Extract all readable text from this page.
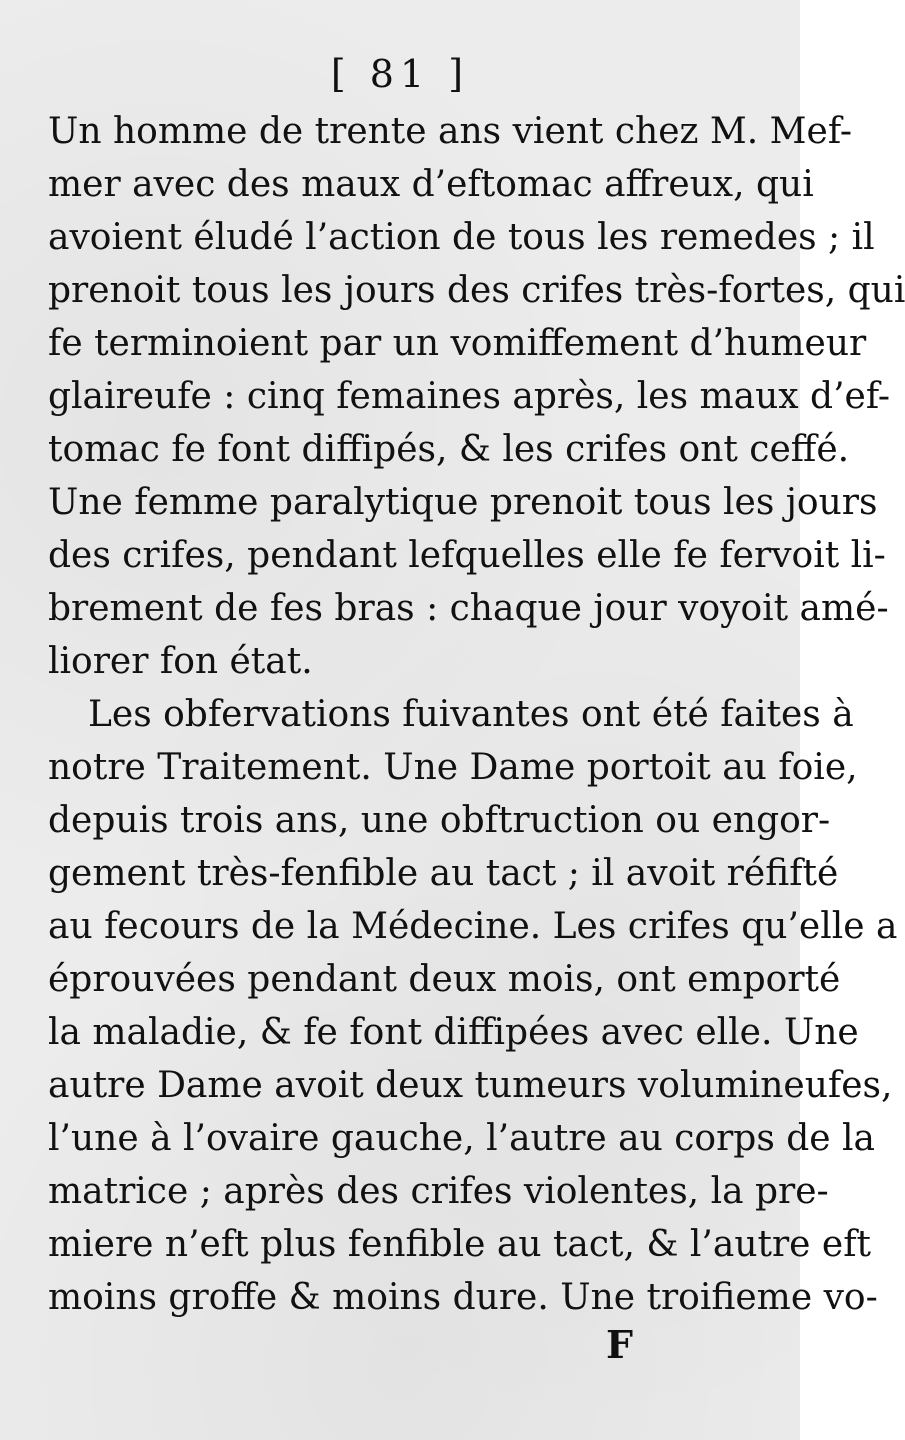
[ 81 ]
Un homme de trente ans vient chez M. Mef-
mer avec des maux d’eftomac affreux, qui
avoient éludé l’action de tous les remedes ; il
prenoit tous les jours des crifes très-fortes, qui
fe terminoient par un vomiffement d’humeur
glaireufe : cinq femaines après, les maux d’ef-
tomac fe font diffipés, & les crifes ont ceffé.
Une femme paralytique prenoit tous les jours
des crifes, pendant lefquelles elle fe fervoit li-
brement de fes bras : chaque jour voyoit amé-
liorer fon état.
Les obfervations fuivantes ont été faites à
notre Traitement. Une Dame portoit au foie,
depuis trois ans, une obftruction ou engor-
gement très-fenfible au tact ; il avoit réfifté
au fecours de la Médecine. Les crifes qu’elle a
éprouvées pendant deux mois, ont emporté
la maladie, & fe font diffipées avec elle. Une
autre Dame avoit deux tumeurs volumineufes,
l’une à l’ovaire gauche, l’autre au corps de la
matrice ; après des crifes violentes, la pre-
miere n’eft plus fenfible au tact, & l’autre eft
moins groffe & moins dure. Une troifieme vo-
F
